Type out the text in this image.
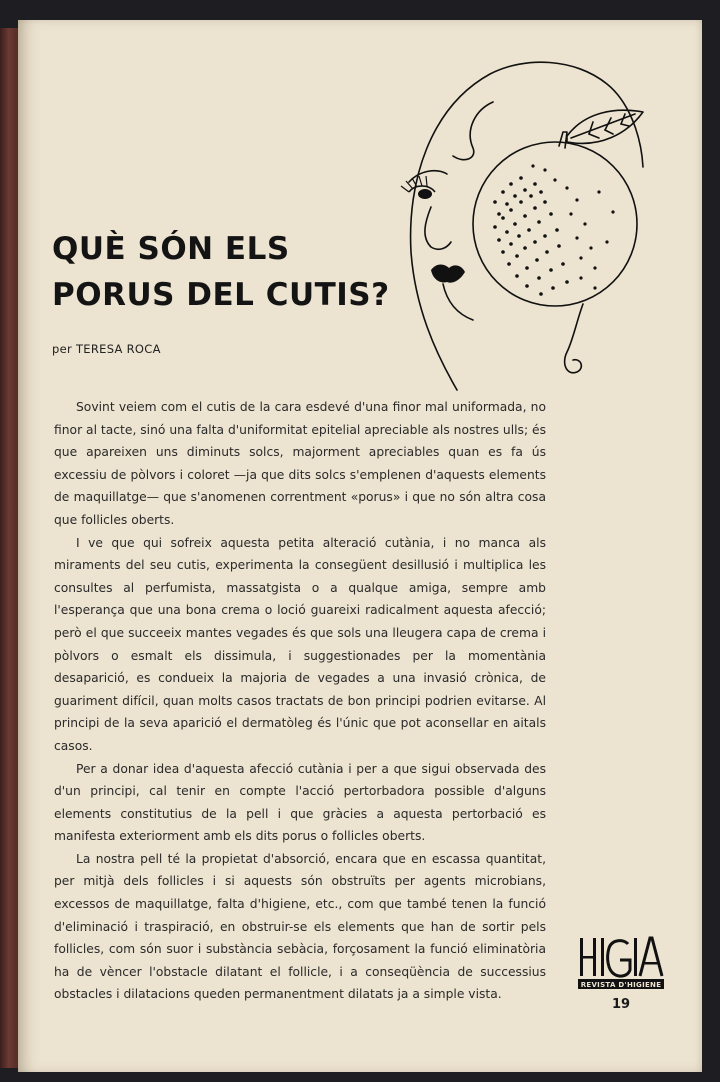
QUÈ SÓN ELS
PORUS DEL CUTIS?

per TERESA ROCA

Sovint veiem com el cutis de la cara esdevé d'una finor mal uniformada, no finor al tacte, sinó una falta d'uniformitat epitelial apreciable als nostres ulls; és que apareixen uns diminuts solcs, majorment apreciables quan es fa ús excessiu de pòlvors i coloret —ja que dits solcs s'emplenen d'aquests elements de maquillatge— que s'anomenen correntment «porus» i que no són altra cosa que follicles oberts.

I ve que qui sofreix aquesta petita alteració cutània, i no manca als miraments del seu cutis, experimenta la consegüent desillusió i multiplica les consultes al perfumista, massatgista o a qualque amiga, sempre amb l'esperança que una bona crema o loció guareixi radicalment aquesta afecció; però el que succeeix mantes vegades és que sols una lleugera capa de crema i pòlvors o esmalt els dissimula, i suggestionades per la momentània desaparició, es condueix la majoria de vegades a una invasió crònica, de guariment difícil, quan molts casos tractats de bon principi podrien evitarse. Al principi de la seva aparició el dermatòleg és l'únic que pot aconsellar en aitals casos.

Per a donar idea d'aquesta afecció cutània i per a que sigui observada des d'un principi, cal tenir en compte l'acció pertorbadora possible d'alguns elements constitutius de la pell i que gràcies a aquesta pertorbació es manifesta exteriorment amb els dits porus o follicles oberts.

La nostra pell té la propietat d'absorció, encara que en escassa quantitat, per mitjà dels follicles i si aquests són obstruïts per agents microbians, excessos de maquillatge, falta d'higiene, etc., com que també tenen la funció d'eliminació i traspiració, en obstruir-se els elements que han de sortir pels follicles, com són suor i substància sebàcia, forçosament la funció eliminatòria ha de vèncer l'obstacle dilatant el follicle, i a conseqüència de successius obstacles i dilatacions queden permanentment dilatats ja a simple vista.

REVISTA D'HIGIENE

19
